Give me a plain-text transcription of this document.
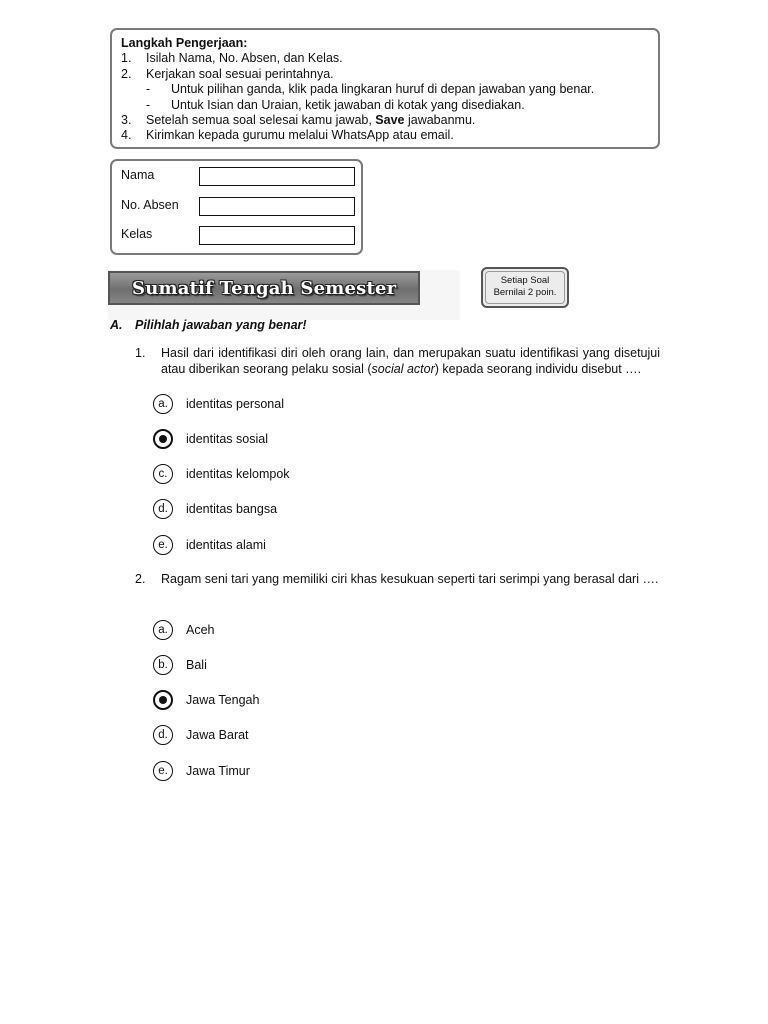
Langkah Pengerjaan:
1.	Isilah Nama, No. Absen, dan Kelas.
2.	Kerjakan soal sesuai perintahnya.
-	Untuk pilihan ganda, klik pada lingkaran huruf di depan jawaban yang benar.
-	Untuk Isian dan Uraian, ketik jawaban di kotak yang disediakan.
3.	Setelah semua soal selesai kamu jawab, Save jawabanmu.
4.	Kirimkan kepada gurumu melalui WhatsApp atau email.
Nama
No. Absen
Kelas
Sumatif Tengah Semester	Setiap Soal
Bernilai 2 poin.
A. Pilihlah jawaban yang benar!
1.	Hasil dari identifikasi diri oleh orang lain, dan merupakan suatu identifikasi yang disetujui atau diberikan seorang pelaku sosial (social actor) kepada seorang individu disebut ….
a. identitas personal
identitas sosial
c. identitas kelompok
d. identitas bangsa
e. identitas alami
2.	Ragam seni tari yang memiliki ciri khas kesukuan seperti tari serimpi yang berasal dari ….
a. Aceh
b. Bali
Jawa Tengah
d. Jawa Barat
e. Jawa Timur
